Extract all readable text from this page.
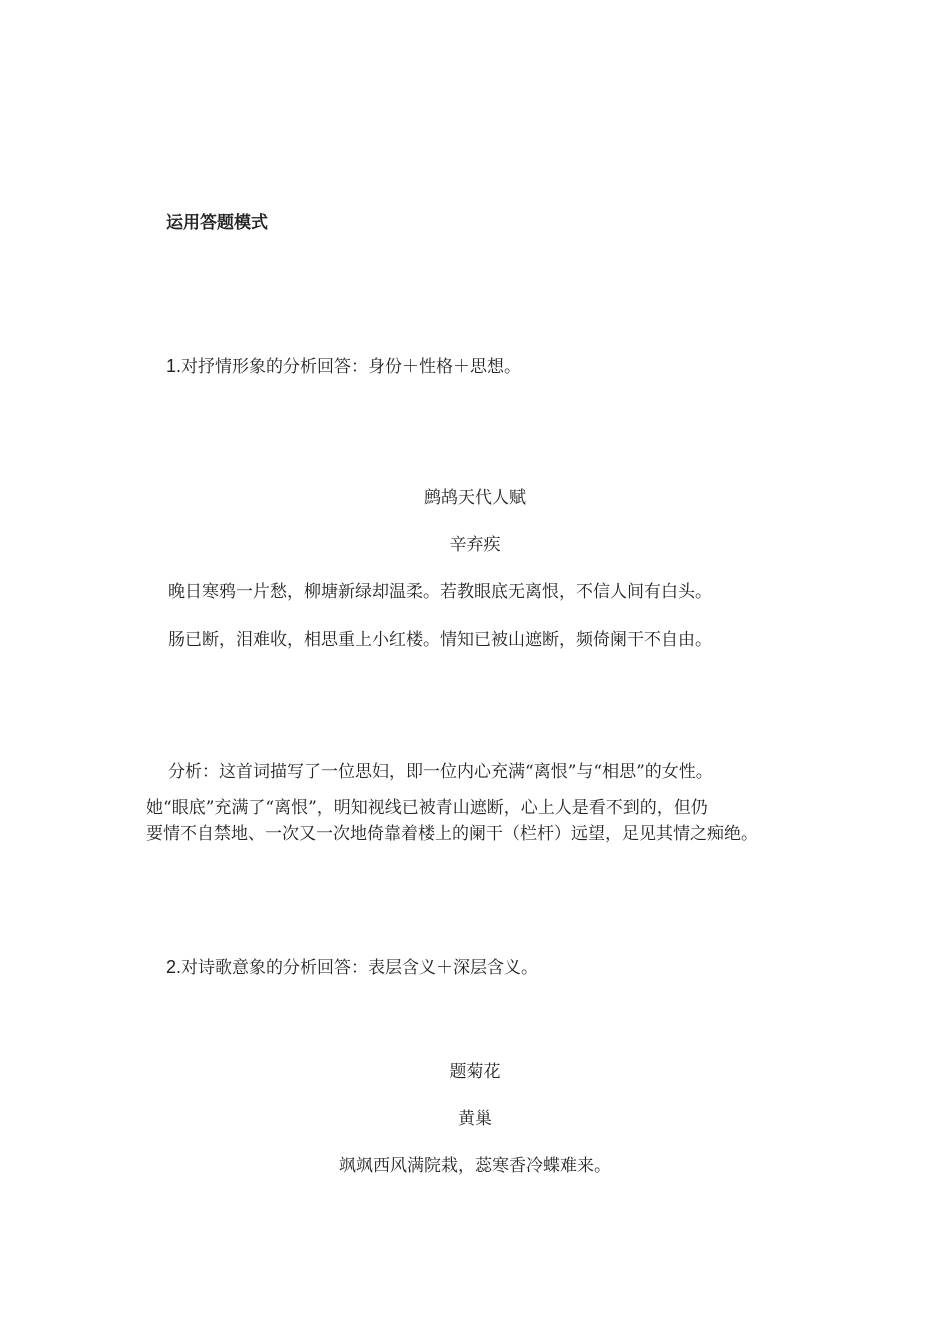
运用答题模式
1.对抒情形象的分析回答：身份＋性格＋思想。
鹧鸪天代人赋
辛弃疾
晚日寒鸦一片愁，柳塘新绿却温柔。若教眼底无离恨，不信人间有白头。
肠已断，泪难收，相思重上小红楼。情知已被山遮断，频倚阑干不自由。
分析：这首词描写了一位思妇，即一位内心充满“离恨”与“相思”的女性。
她“眼底”充满了“离恨”，明知视线已被青山遮断，心上人是看不到的，但仍
要情不自禁地、一次又一次地倚靠着楼上的阑干（栏杆）远望，足见其情之痴绝。
2.对诗歌意象的分析回答：表层含义＋深层含义。
题菊花
黄巢
飒飒西风满院栽，蕊寒香冷蝶难来。
